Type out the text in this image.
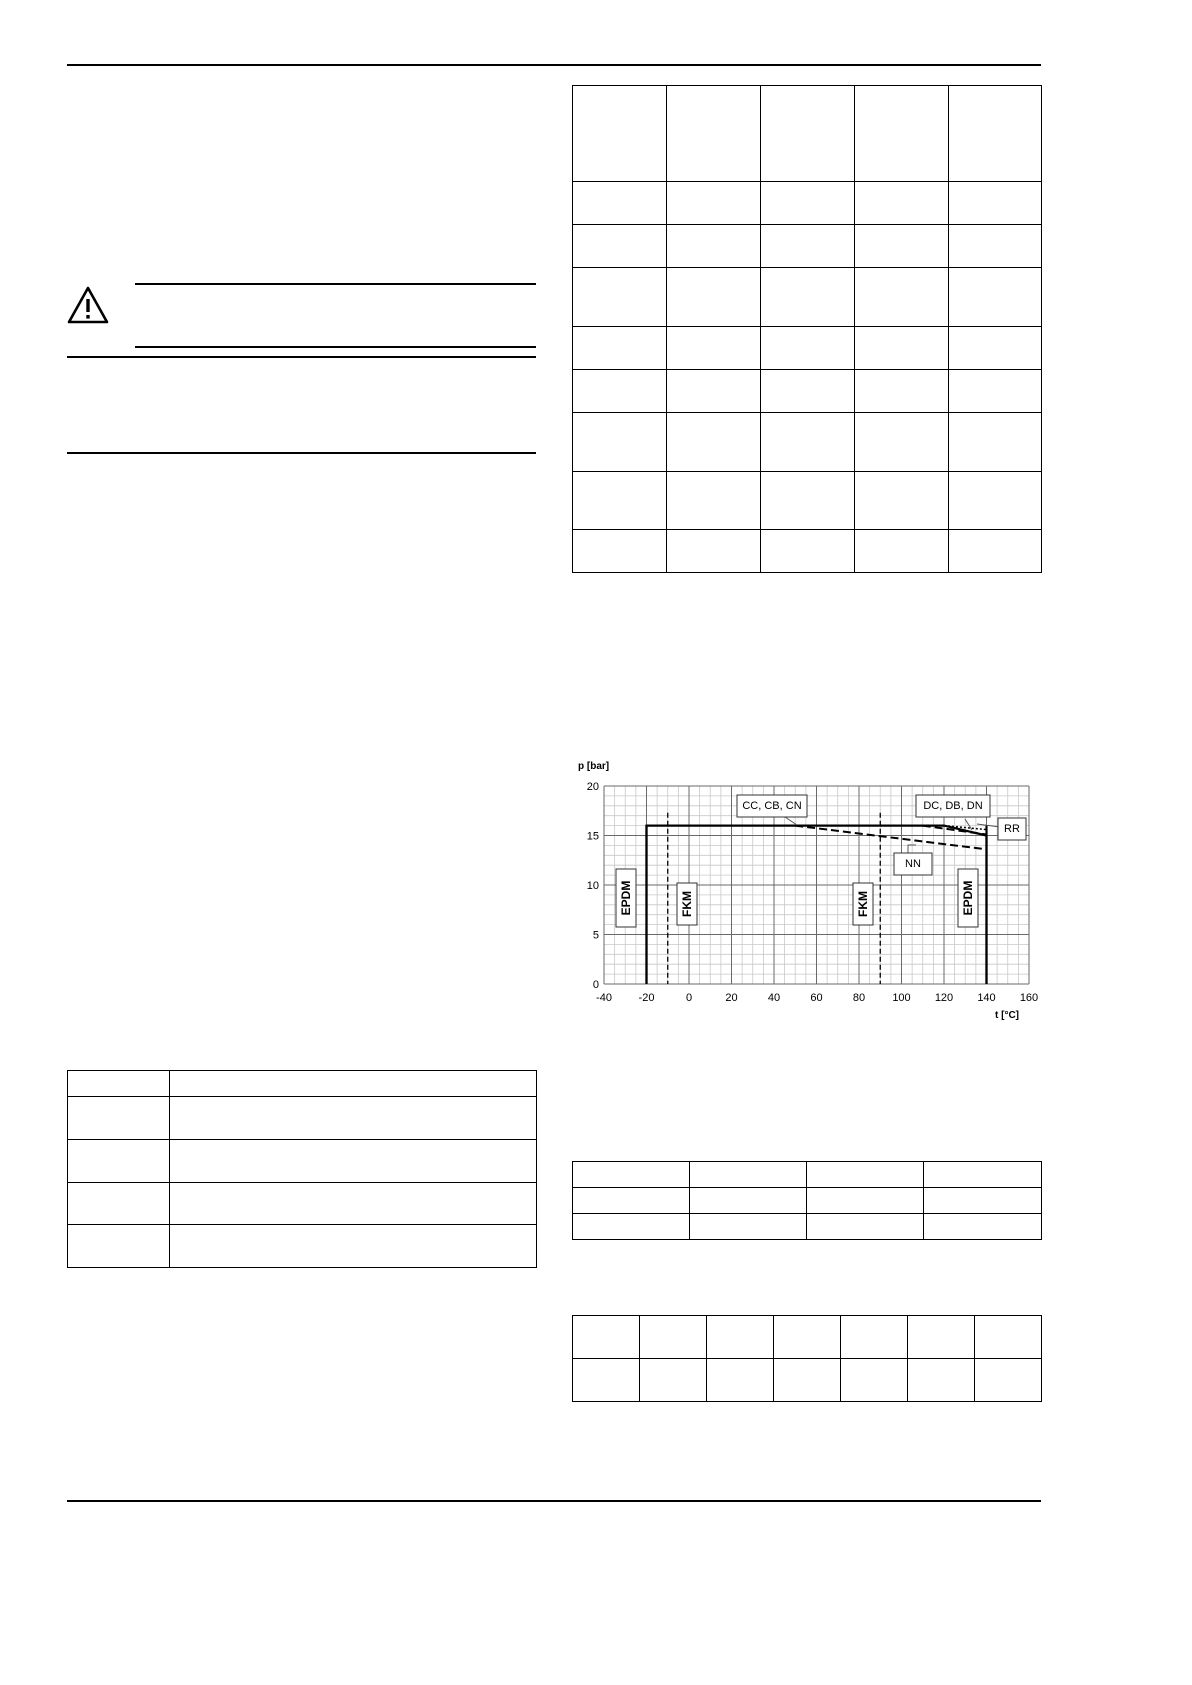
CC, CB, CN	DC, DB, DN
RR
NN
EPDM	FKM	FKM	EPDM
-40 -20	0	20	40	60	80 100 120 140 160
0
5
10
15
20
p [bar]
t [°C]
